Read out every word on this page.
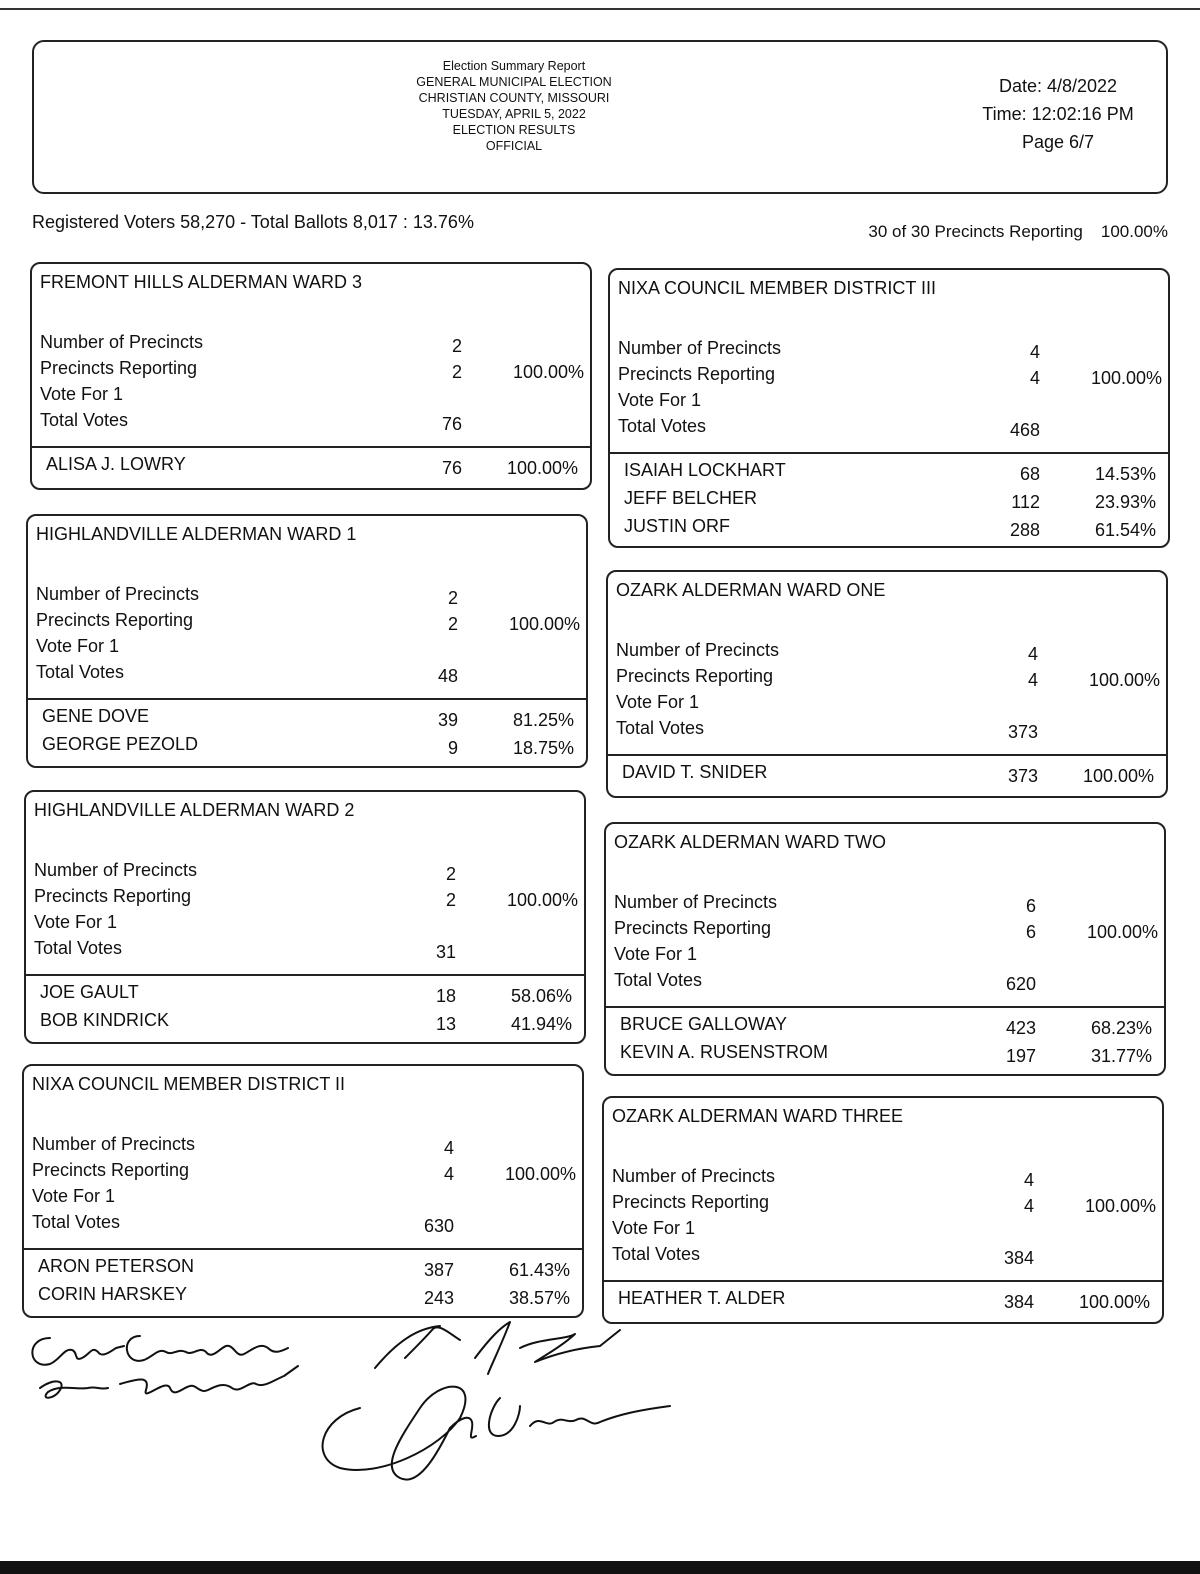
Election Summary Report
GENERAL MUNICIPAL ELECTION
CHRISTIAN COUNTY, MISSOURI
TUESDAY, APRIL 5, 2022
ELECTION RESULTS
OFFICIAL
Date: 4/8/2022
Time: 12:02:16 PM
Page 6/7
Registered Voters 58,270 - Total Ballots 8,017 : 13.76%	30 of 30 Precincts Reporting 100.00%
FREMONT HILLS ALDERMAN WARD 3
Number of Precincts	2
Precincts Reporting	2	100.00%
Vote For 1
Total Votes	76
ALISA J. LOWRY	76 100.00%
HIGHLANDVILLE ALDERMAN WARD 1
Number of Precincts	2
Precincts Reporting	2	100.00%
Vote For 1
Total Votes	48
GENE DOVE	39	81.25%
GEORGE PEZOLD	9	18.75%
HIGHLANDVILLE ALDERMAN WARD 2
Number of Precincts	2
Precincts Reporting	2	100.00%
Vote For 1
Total Votes	31
JOE GAULT	18	58.06%
BOB KINDRICK	13	41.94%
NIXA COUNCIL MEMBER DISTRICT II
Number of Precincts	4
Precincts Reporting	4	100.00%
Vote For 1
Total Votes	630
ARON PETERSON	387	61.43%
CORIN HARSKEY	243	38.57%
NIXA COUNCIL MEMBER DISTRICT III
Number of Precincts	4
Precincts Reporting	4	100.00%
Vote For 1
Total Votes	468
ISAIAH LOCKHART	68	14.53%
JEFF BELCHER	112	23.93%
JUSTIN ORF	288	61.54%
OZARK ALDERMAN WARD ONE
Number of Precincts	4
Precincts Reporting	4	100.00%
Vote For 1
Total Votes	373
DAVID T. SNIDER	373 100.00%
OZARK ALDERMAN WARD TWO
Number of Precincts	6
Precincts Reporting	6	100.00%
Vote For 1
Total Votes	620
BRUCE GALLOWAY	423	68.23%
KEVIN A. RUSENSTROM	197	31.77%
OZARK ALDERMAN WARD THREE
Number of Precincts	4
Precincts Reporting	4	100.00%
Vote For 1
Total Votes	384
HEATHER T. ALDER	384 100.00%
